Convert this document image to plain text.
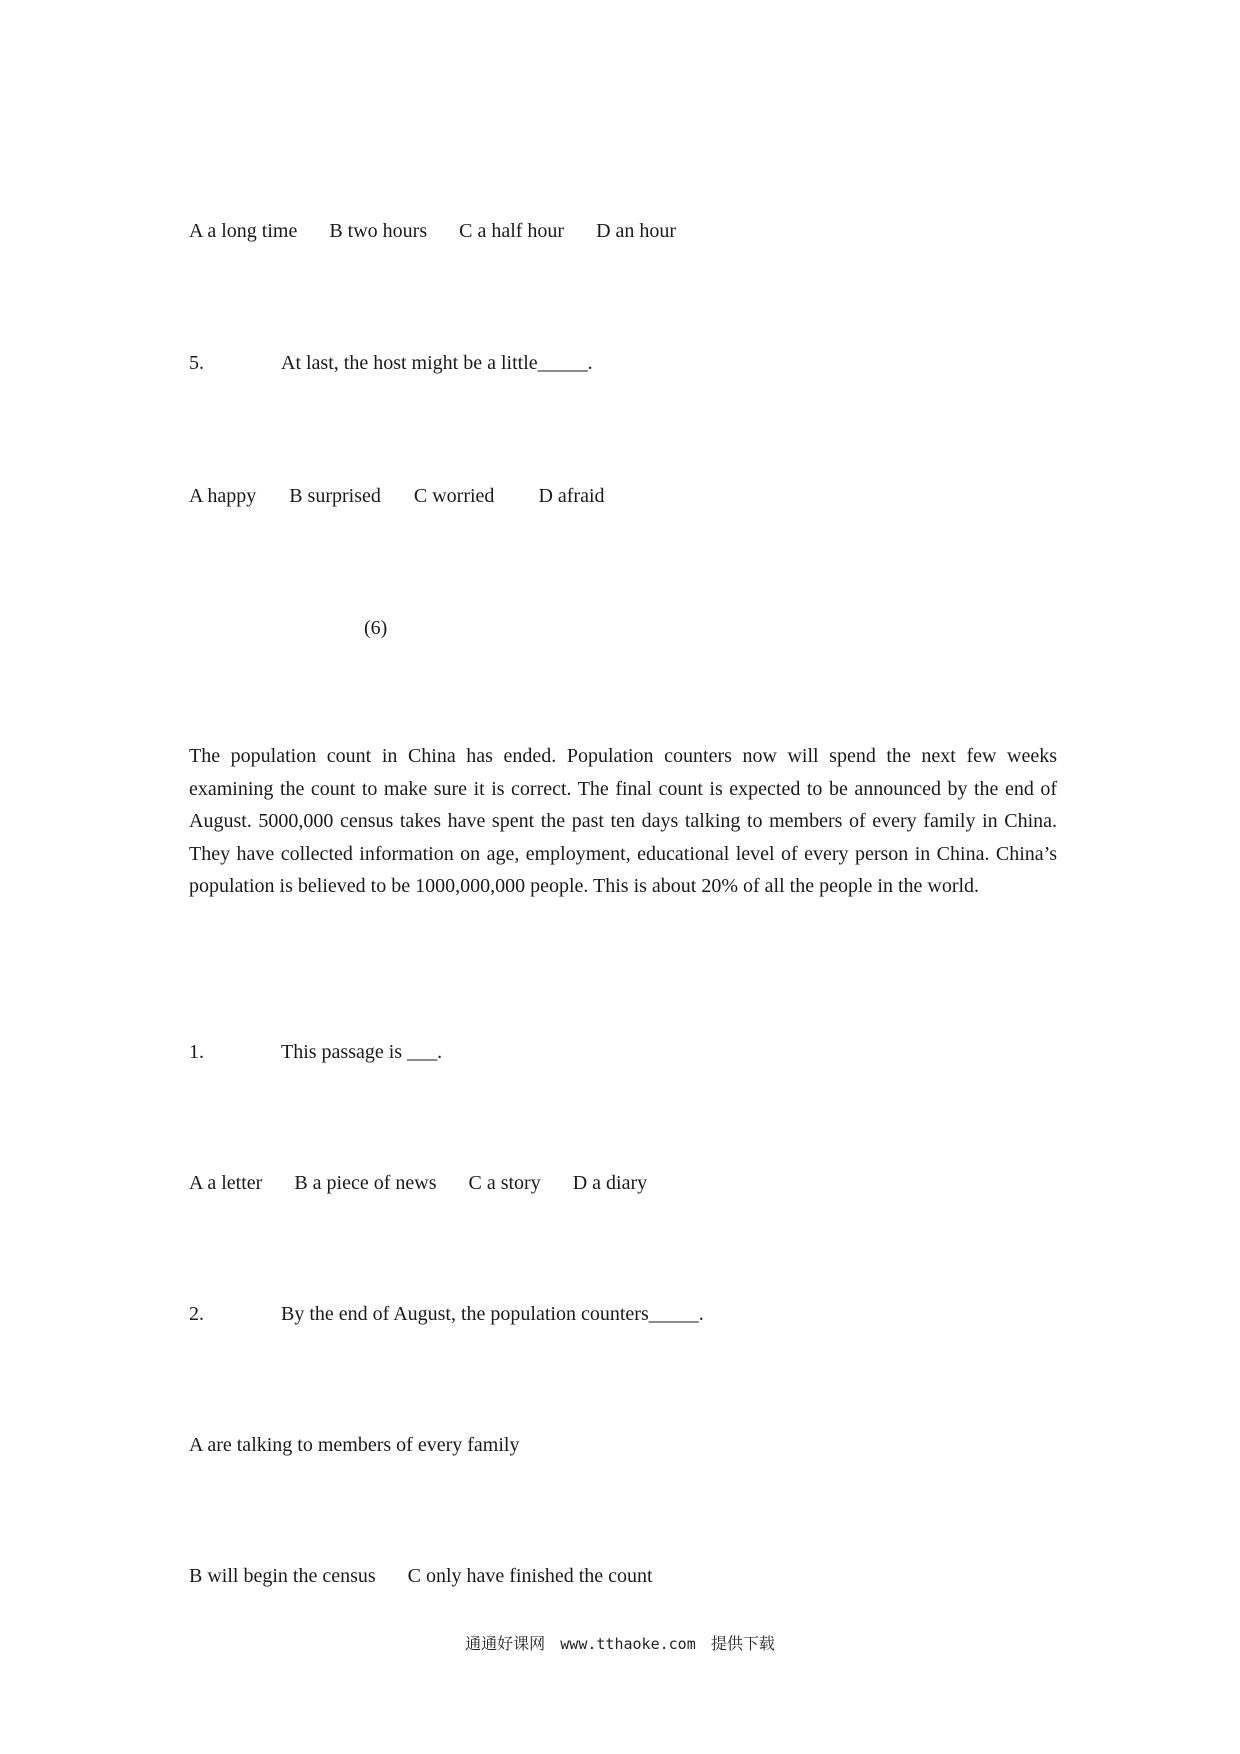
A a long time B two hours C a half hour D an hour
5.	At last, the host might be a little_____.
A happy B surprised C worried D afraid
(6)
The population count in China has ended. Population counters now will spend the next few weeks examining the count to make sure it is correct. The final count is expected to be announced by the end of August. 5000,000 census takes have spent the past ten days talking to members of every family in China. They have collected information on age, employment, educational level of every person in China. China’s population is believed to be 1000,000,000 people. This is about 20% of all the people in the world.
1.	This passage is ___.
A a letter B a piece of news C a story D a diary
2.	By the end of August, the population counters_____.
A are talking to members of every family
B will begin the census C only have finished the count
通通好课网 www.tthaoke.com 提供下载
